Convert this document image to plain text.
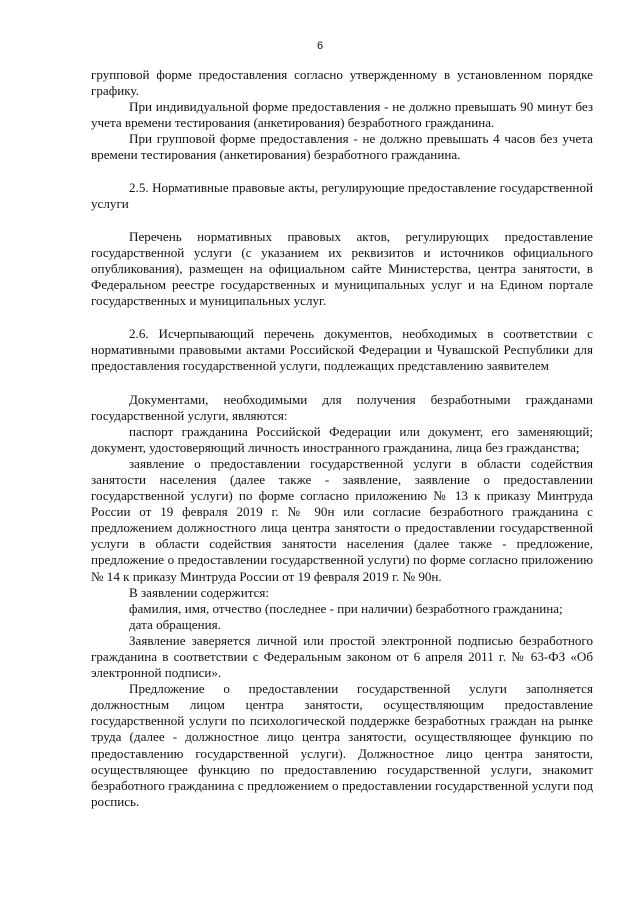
6

групповой форме предоставления согласно утвержденному в установленном порядке графику.

При индивидуальной форме предоставления - не должно превышать 90 минут без учета времени тестирования (анкетирования) безработного гражданина.

При групповой форме предоставления - не должно превышать 4 часов без учета времени тестирования (анкетирования) безработного гражданина.

2.5. Нормативные правовые акты, регулирующие предоставление государственной услуги

Перечень нормативных правовых актов, регулирующих предоставление государственной услуги (с указанием их реквизитов и источников официального опубликования), размещен на официальном сайте Министерства, центра занятости, в Федеральном реестре государственных и муниципальных услуг и на Едином портале государственных и муниципальных услуг.

2.6. Исчерпывающий перечень документов, необходимых в соответствии с нормативными правовыми актами Российской Федерации и Чувашской Республики для предоставления государственной услуги, подлежащих представлению заявителем

Документами, необходимыми для получения безработными гражданами государственной услуги, являются:

паспорт гражданина Российской Федерации или документ, его заменяющий; документ, удостоверяющий личность иностранного гражданина, лица без гражданства;

заявление о предоставлении государственной услуги в области содействия занятости населения (далее также - заявление, заявление о предоставлении государственной услуги) по форме согласно приложению № 13 к приказу Минтруда России от 19 февраля 2019 г. № 90н или согласие безработного гражданина с предложением должностного лица центра занятости о предоставлении государственной услуги в области содействия занятости населения (далее также - предложение, предложение о предоставлении государственной услуги) по форме согласно приложению № 14 к приказу Минтруда России от 19 февраля 2019 г. № 90н.

В заявлении содержится:

фамилия, имя, отчество (последнее - при наличии) безработного гражданина;

дата обращения.

Заявление заверяется личной или простой электронной подписью безработного гражданина в соответствии с Федеральным законом от 6 апреля 2011 г. № 63-ФЗ «Об электронной подписи».

Предложение о предоставлении государственной услуги заполняется должностным лицом центра занятости, осуществляющим предоставление государственной услуги по психологической поддержке безработных граждан на рынке труда (далее - должностное лицо центра занятости, осуществляющее функцию по предоставлению государственной услуги). Должностное лицо центра занятости, осуществляющее функцию по предоставлению государственной услуги, знакомит безработного гражданина с предложением о предоставлении государственной услуги под роспись.
